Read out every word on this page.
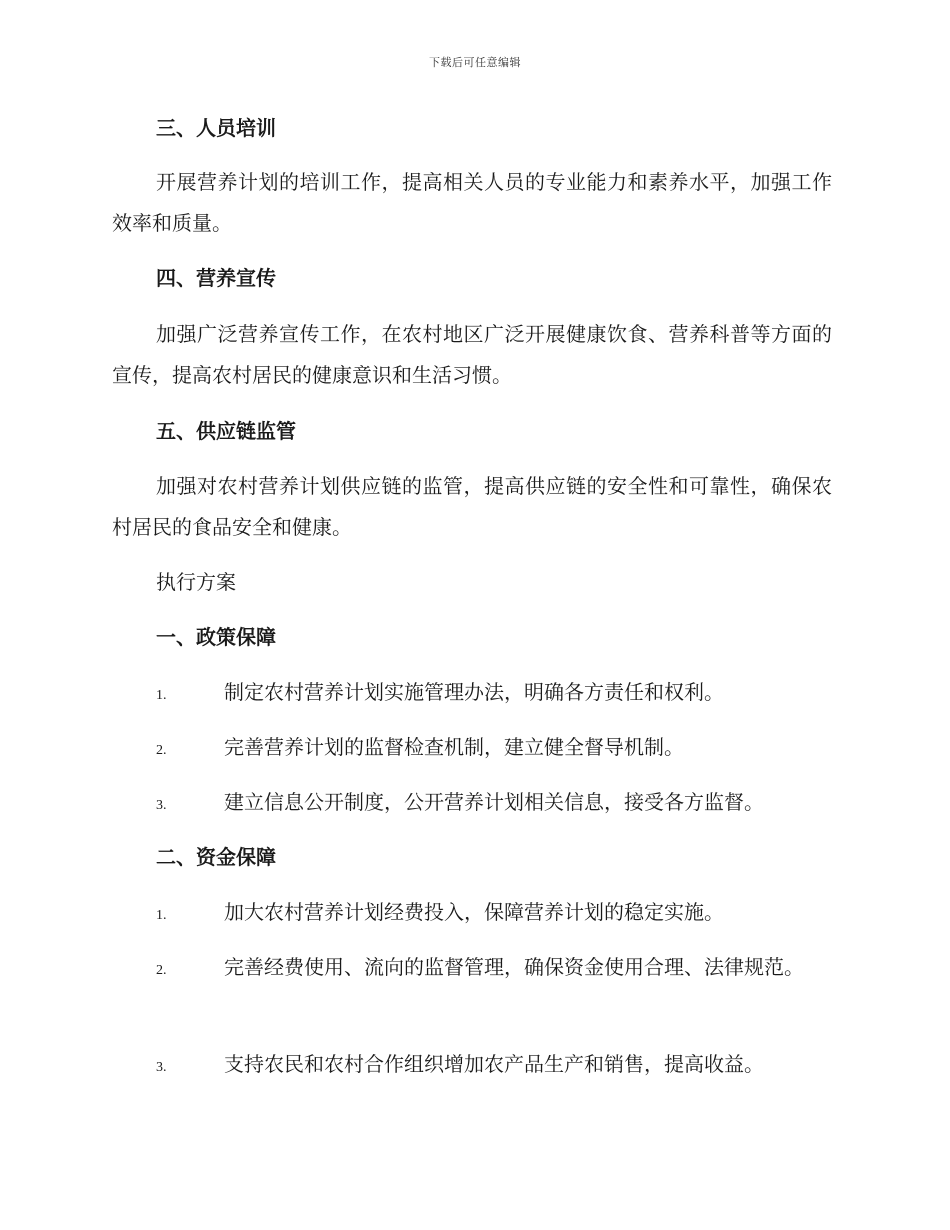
下载后可任意编辑
三、人员培训

开展营养计划的培训工作，提高相关人员的专业能力和素养水平，加强工作效率和质量。

四、营养宣传

加强广泛营养宣传工作，在农村地区广泛开展健康饮食、营养科普等方面的宣传，提高农村居民的健康意识和生活习惯。

五、供应链监管

加强对农村营养计划供应链的监管，提高供应链的安全性和可靠性，确保农村居民的食品安全和健康。

执行方案

一、政策保障

1.	制定农村营养计划实施管理办法，明确各方责任和权利。

2.	完善营养计划的监督检查机制，建立健全督导机制。

3.	建立信息公开制度，公开营养计划相关信息，接受各方监督。

二、资金保障

1.	加大农村营养计划经费投入，保障营养计划的稳定实施。

2.	完善经费使用、流向的监督管理，确保资金使用合理、法律规范。

3.	支持农民和农村合作组织增加农产品生产和销售，提高收益。
